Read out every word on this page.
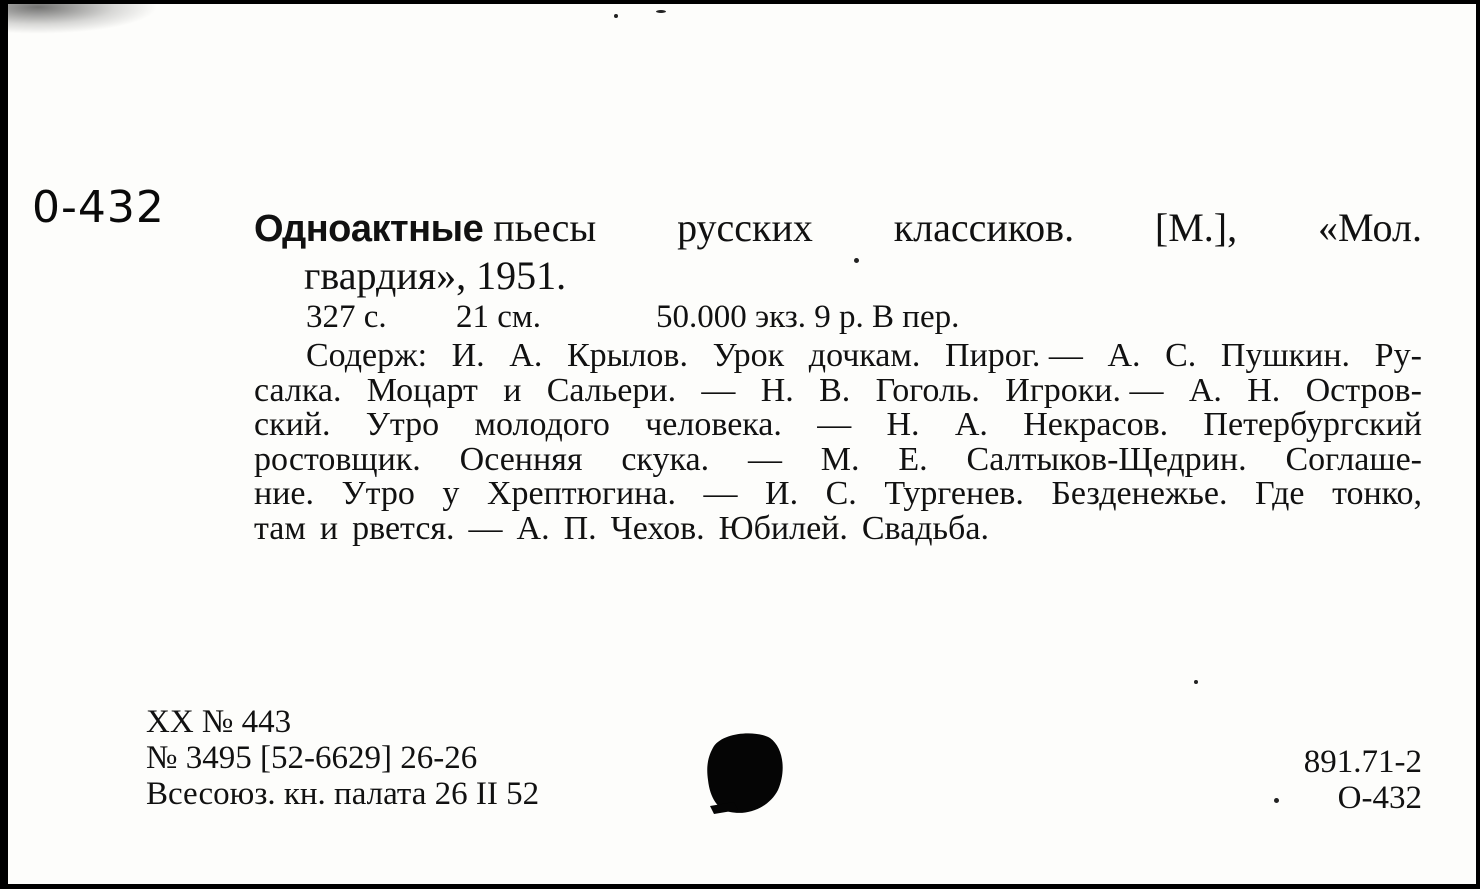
0-432 Одноактные пьесы русских классиков. [М.], «Мол.
гвардия», 1951.
327 с. 21 см.	50.000 экз. 9 р. В пер.
Содерж: И. А. Крылов. Урок дочкам. Пирог. — А. С. Пушкин. Ру-
салка. Моцарт и Сальери. — Н. В. Гоголь. Игроки. — А. Н. Остров-
ский. Утро молодого человека. — Н. А. Некрасов. Петербургский
ростовщик. Осенняя скука. — М. Е. Салтыков-Щедрин. Соглаше-
ние. Утро у Хрептюгина. — И. С. Тургенев. Безденежье. Где тонко,
там и рвется. — А. П. Чехов. Юбилей. Свадьба.
XX № 443
№ 3495 [52-6629] 26-26
Всесоюз. кн. палата 26 II 52
891.71-2
О-432
